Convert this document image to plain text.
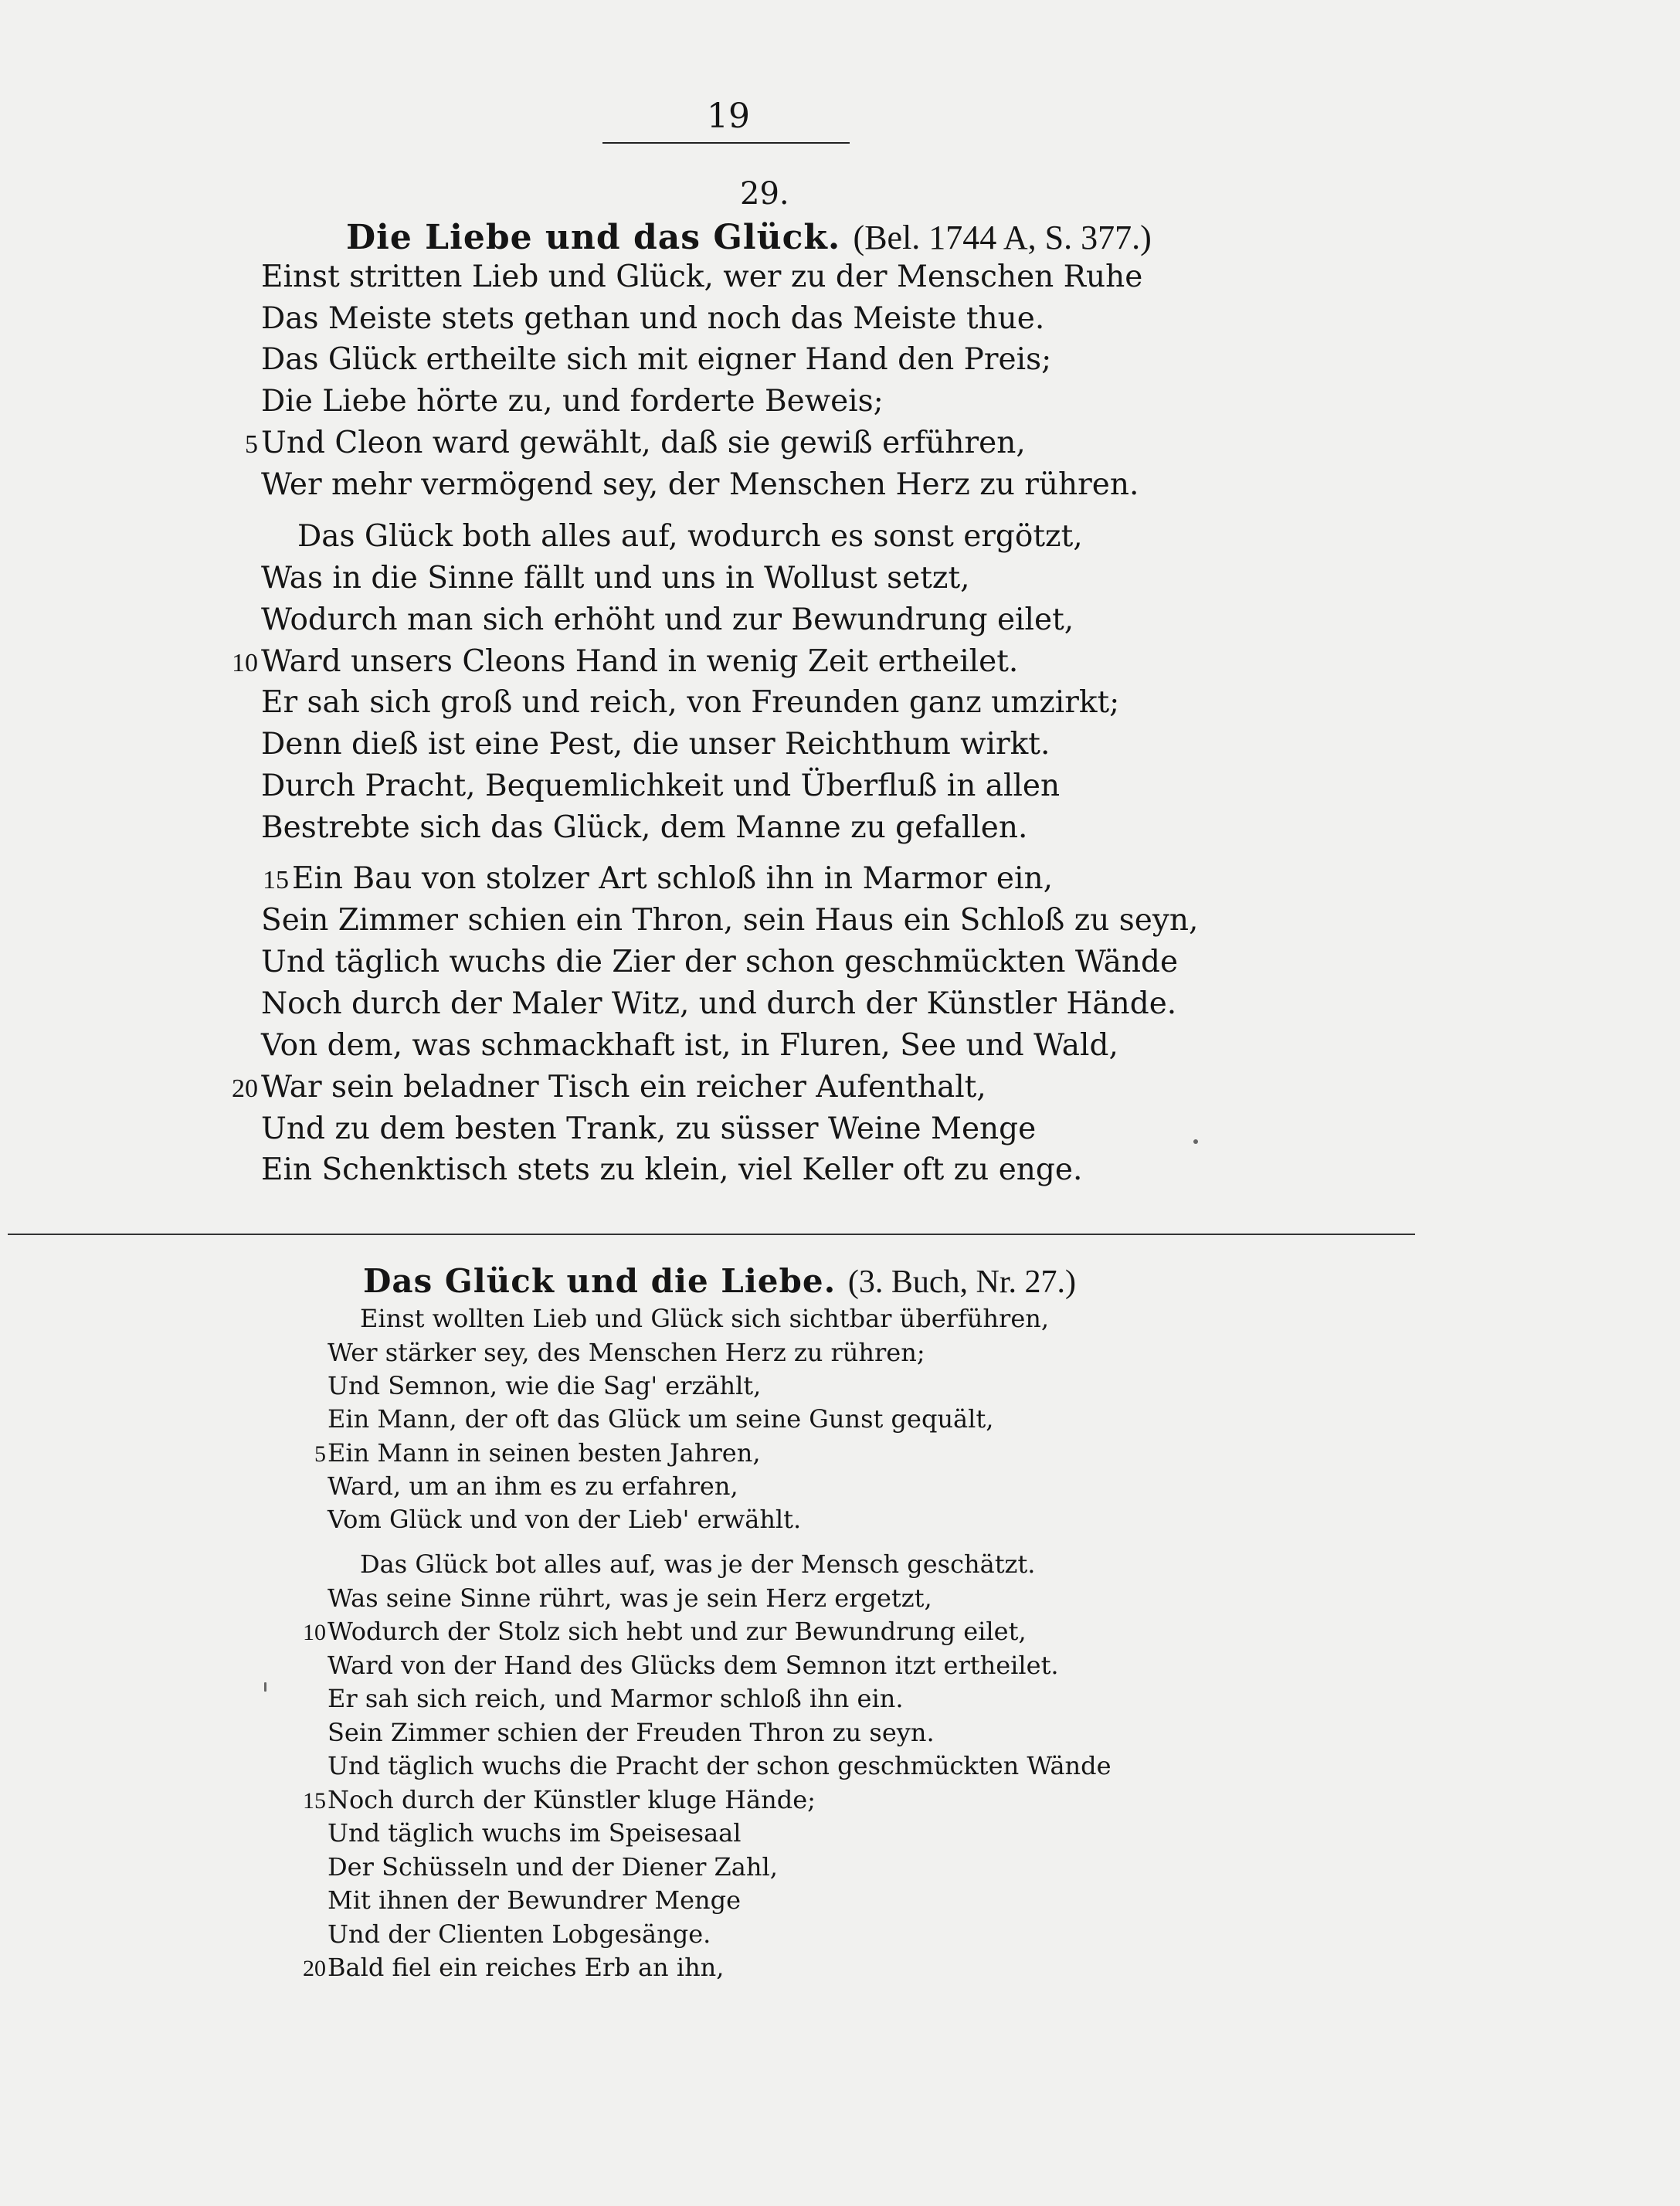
19
29.
Die Liebe und das Glück. (Bel. 1744 A, S. 377.)
Einst stritten Lieb und Glück, wer zu der Menschen Ruhe
Das Meiste stets gethan und noch das Meiste thue.
Das Glück ertheilte sich mit eigner Hand den Preis;
Die Liebe hörte zu, und forderte Beweis;
5 Und Cleon ward gewählt, daß sie gewiß erführen,
Wer mehr vermögend sey, der Menschen Herz zu rühren.
Das Glück both alles auf, wodurch es sonst ergötzt,
Was in die Sinne fällt und uns in Wollust setzt,
Wodurch man sich erhöht und zur Bewundrung eilet,
10 Ward unsers Cleons Hand in wenig Zeit ertheilet.
Er sah sich groß und reich, von Freunden ganz umzirkt;
Denn dieß ist eine Pest, die unser Reichthum wirkt.
Durch Pracht, Bequemlichkeit und Überfluß in allen
Bestrebte sich das Glück, dem Manne zu gefallen.
15 Ein Bau von stolzer Art schloß ihn in Marmor ein,
Sein Zimmer schien ein Thron, sein Haus ein Schloß zu seyn,
Und täglich wuchs die Zier der schon geschmückten Wände
Noch durch der Maler Witz, und durch der Künstler Hände.
Von dem, was schmackhaft ist, in Fluren, See und Wald,
20 War sein beladner Tisch ein reicher Aufenthalt,
Und zu dem besten Trank, zu süsser Weine Menge
Ein Schenktisch stets zu klein, viel Keller oft zu enge.
Das Glück und die Liebe. (3. Buch, Nr. 27.)
Einst wollten Lieb und Glück sich sichtbar überführen,
Wer stärker sey, des Menschen Herz zu rühren;
Und Semnon, wie die Sag' erzählt,
Ein Mann, der oft das Glück um seine Gunst gequält,
5 Ein Mann in seinen besten Jahren,
Ward, um an ihm es zu erfahren,
Vom Glück und von der Lieb' erwählt.
Das Glück bot alles auf, was je der Mensch geschätzt.
Was seine Sinne rührt, was je sein Herz ergetzt,
10 Wodurch der Stolz sich hebt und zur Bewundrung eilet,
Ward von der Hand des Glücks dem Semnon itzt ertheilet.
Er sah sich reich, und Marmor schloß ihn ein.
Sein Zimmer schien der Freuden Thron zu seyn.
Und täglich wuchs die Pracht der schon geschmückten Wände
15 Noch durch der Künstler kluge Hände;
Und täglich wuchs im Speisesaal
Der Schüsseln und der Diener Zahl,
Mit ihnen der Bewundrer Menge
Und der Clienten Lobgesänge.
20 Bald fiel ein reiches Erb an ihn,
